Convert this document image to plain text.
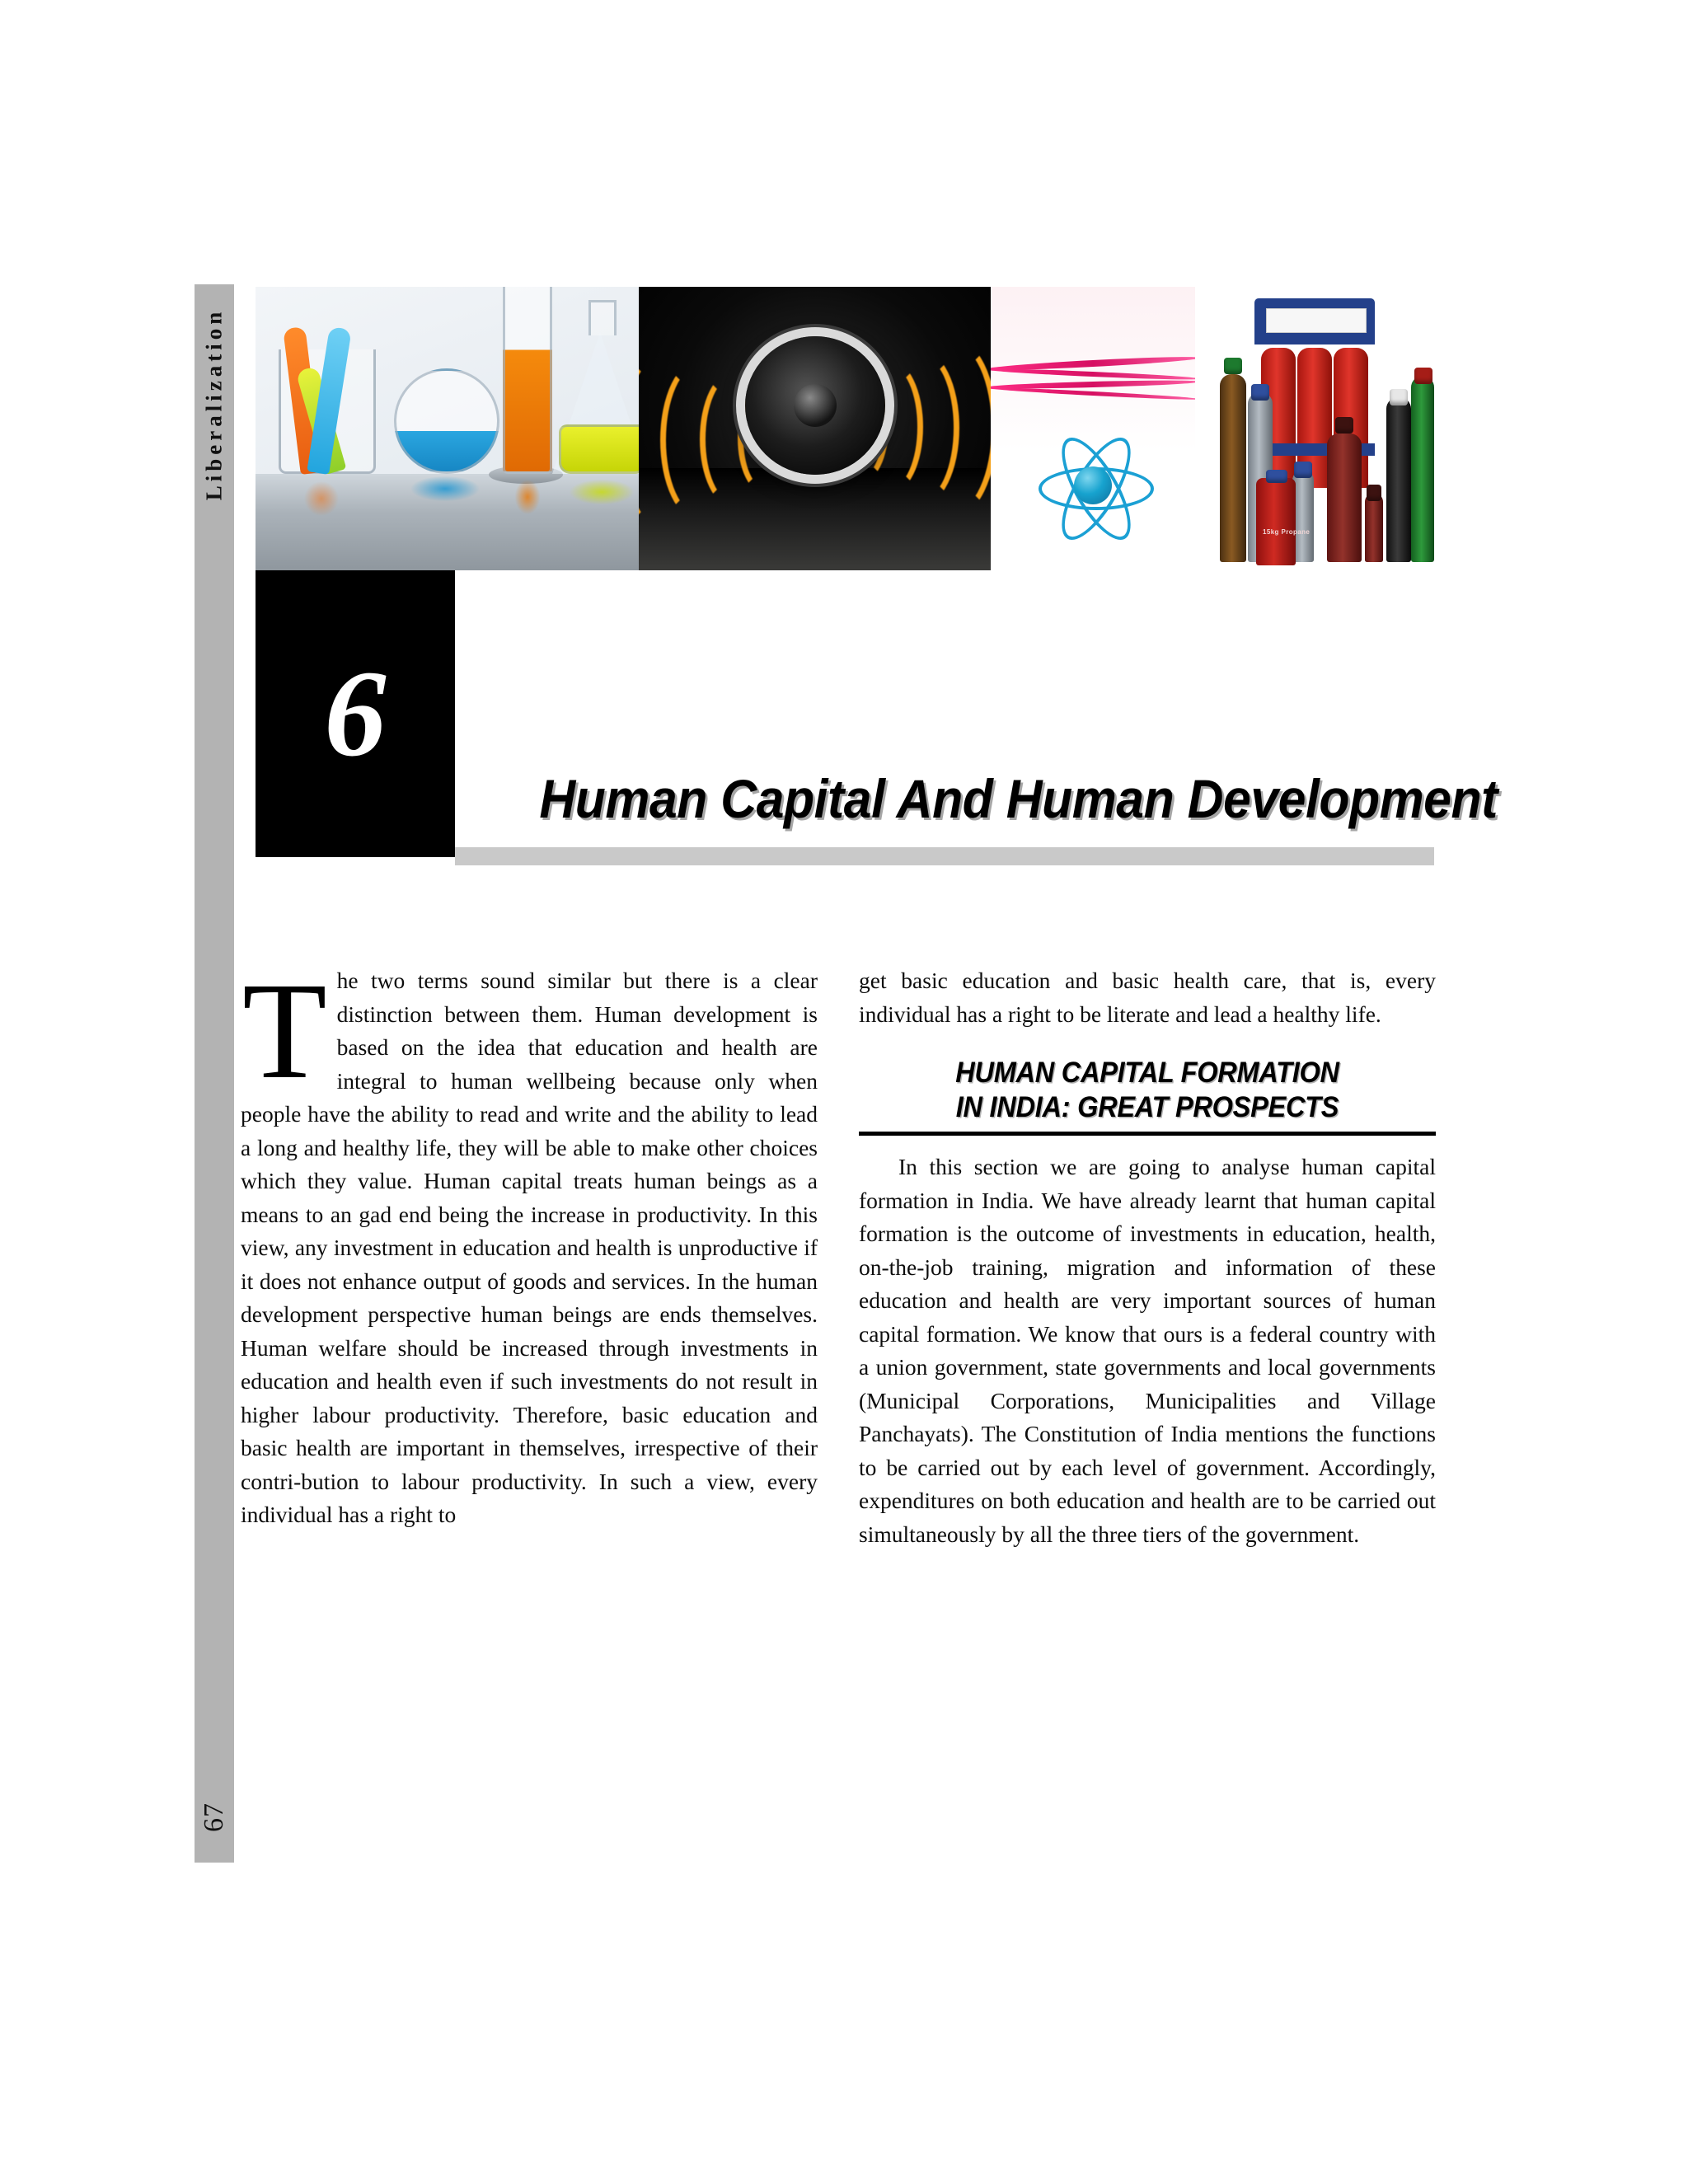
Liberalization
67
15kg Propane
6
Human Capital And Human Development

The two terms sound similar but there is a clear distinction between them. Human development is based on the idea that education and health are integral to human wellbeing because only when people have the ability to read and write and the ability to lead a long and healthy life, they will be able to make other choices which they value. Human capital treats human beings as a means to an gad end being the increase in productivity. In this view, any investment in education and health is unproductive if it does not enhance output of goods and services. In the human development perspective human beings are ends themselves. Human welfare should be increased through investments in education and health even if such investments do not result in higher labour productivity. Therefore, basic education and basic health are important in themselves, irrespective of their contri-bution to labour productivity. In such a view, every individual has a right to

get basic education and basic health care, that is, every individual has a right to be literate and lead a healthy life.

HUMAN CAPITAL FORMATION
IN INDIA: GREAT PROSPECTS

In this section we are going to analyse human capital formation in India. We have already learnt that human capital formation is the outcome of investments in education, health, on-the-job training, migration and information of these education and health are very important sources of human capital formation. We know that ours is a federal country with a union government, state governments and local governments (Municipal Corporations, Municipalities and Village Panchayats). The Constitution of India mentions the functions to be carried out by each level of government. Accordingly, expenditures on both education and health are to be carried out simultaneously by all the three tiers of the government.
